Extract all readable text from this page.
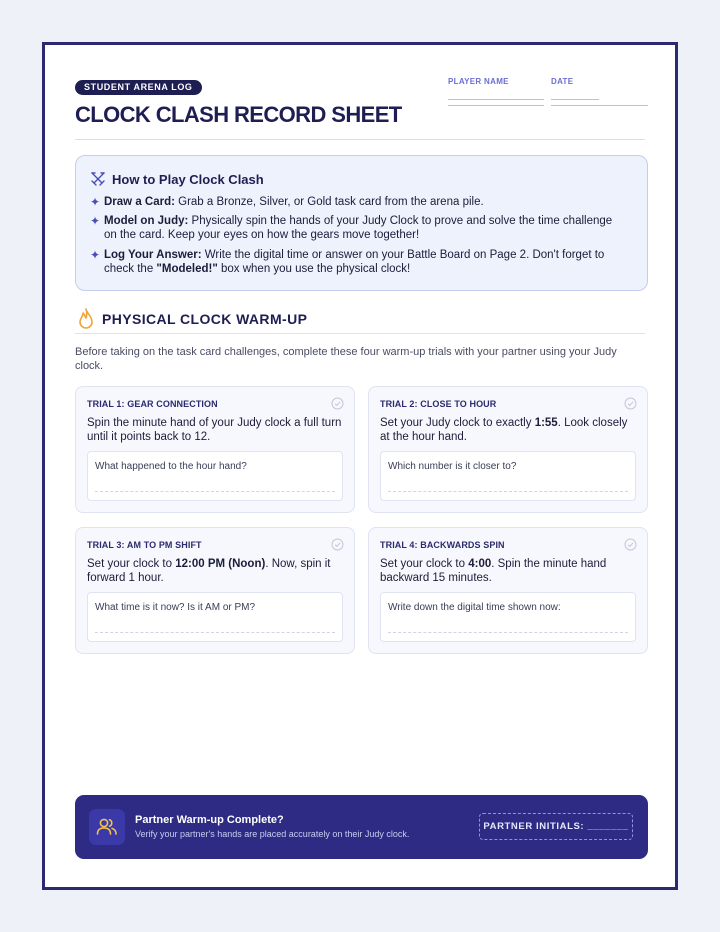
STUDENT ARENA LOG
CLOCK CLASH RECORD SHEET
PLAYER NAME	DATE
How to Play Clock Clash
✦ Draw a Card: Grab a Bronze, Silver, or Gold task card from the arena pile.
✦ Model on Judy: Physically spin the hands of your Judy Clock to prove and solve the time challenge on the card. Keep your eyes on how the gears move together!
✦ Log Your Answer: Write the digital time or answer on your Battle Board on Page 2. Don't forget to check the "Modeled!" box when you use the physical clock!
PHYSICAL CLOCK WARM-UP
Before taking on the task card challenges, complete these four warm-up trials with your partner using your Judy clock.
TRIAL 1: GEAR CONNECTION
Spin the minute hand of your Judy clock a full turn until it points back to 12.
What happened to the hour hand?
TRIAL 2: CLOSE TO HOUR
Set your Judy clock to exactly 1:55. Look closely at the hour hand.
Which number is it closer to?
TRIAL 3: AM TO PM SHIFT
Set your clock to 12:00 PM (Noon). Now, spin it forward 1 hour.
What time is it now? Is it AM or PM?
TRIAL 4: BACKWARDS SPIN
Set your clock to 4:00. Spin the minute hand backward 15 minutes.
Write down the digital time shown now:
Partner Warm-up Complete?
Verify your partner's hands are placed accurately on their Judy clock.
PARTNER INITIALS: _______
